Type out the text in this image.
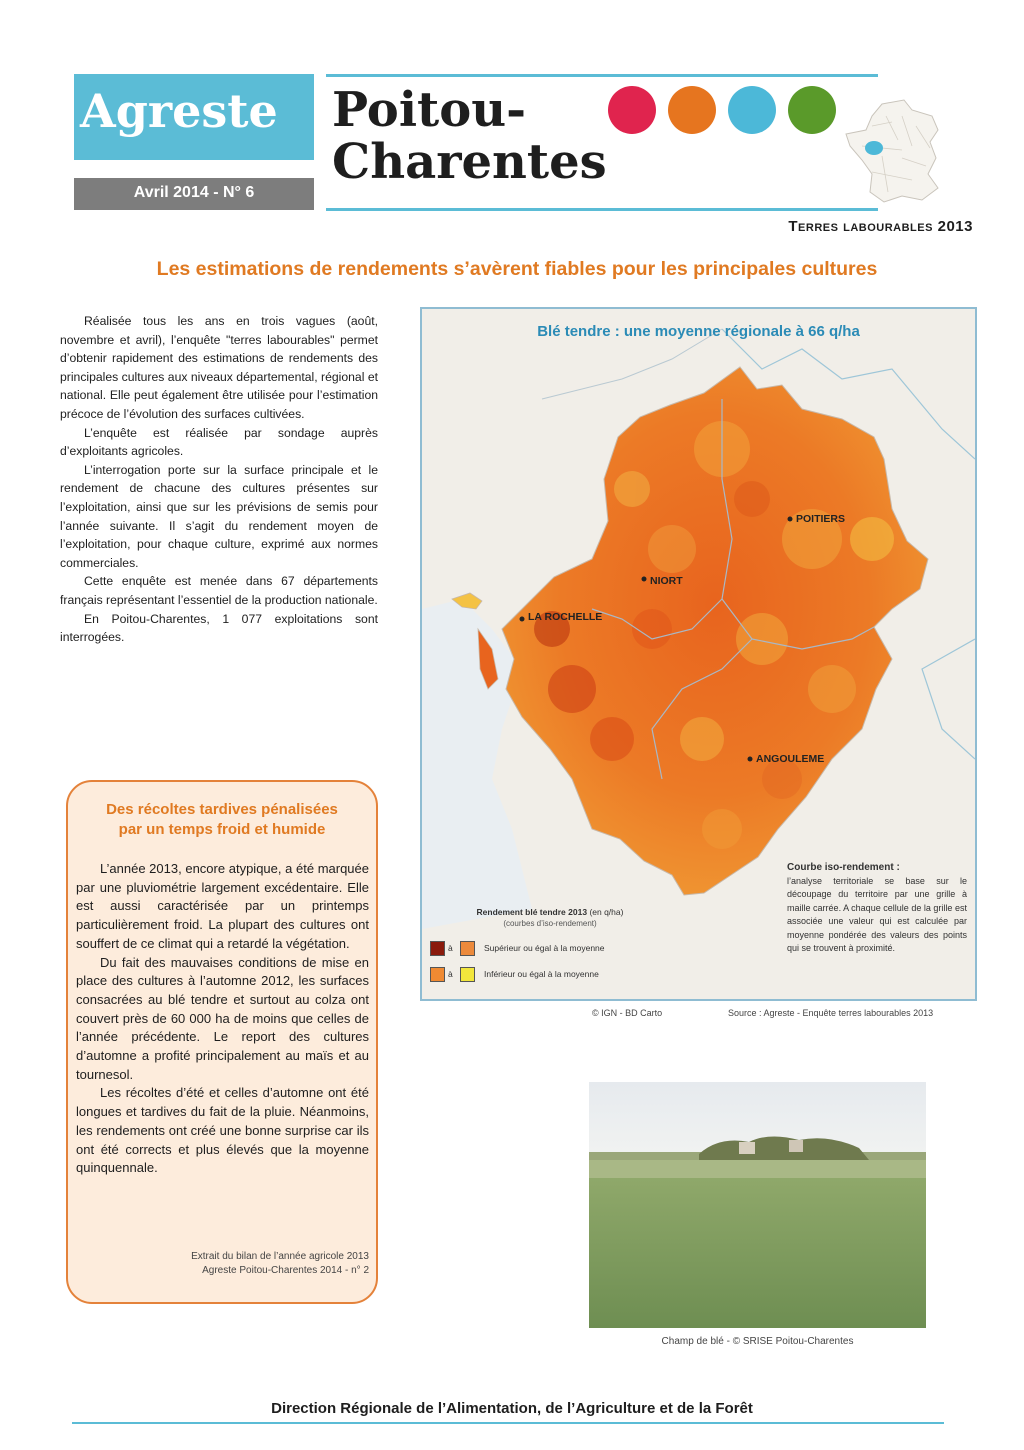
Agreste
Avril 2014 - N° 6
Poitou-
Charentes
Terres labourables 2013
Les estimations de rendements s’avèrent fiables pour les principales cultures

Réalisée tous les ans en trois vagues (août, novembre et avril), l’enquête "terres labourables" permet d’obtenir rapidement des estimations de rendements des principales cultures aux niveaux départemental, régional et national. Elle peut également être utilisée pour l’estimation précoce de l’évolution des surfaces cultivées.

L’enquête est réalisée par sondage auprès d’exploitants agricoles.

L’interrogation porte sur la surface principale et le rendement de chacune des cultures présentes sur l’exploitation, ainsi que sur les prévisions de semis pour l’année suivante. Il s’agit du rendement moyen de l’exploitation, pour chaque culture, exprimé aux normes commerciales.

Cette enquête est menée dans 67 départements français représentant l’essentiel de la production nationale.

En Poitou-Charentes, 1 077 exploitations sont interrogées.

Blé tendre : une moyenne régionale à 66 q/ha
POITIERS
NIORT
LA ROCHELLE
ANGOULEME
Rendement blé tendre 2013 (en q/ha)
(courbes d’iso-rendement)
à	Supérieur ou égal à la moyenne
à	Inférieur ou égal à la moyenne
Courbe iso-rendement :
l’analyse territoriale se base sur le découpage du territoire par une grille à maille carrée. A chaque cellule de la grille est associée une valeur qui est calculée par moyenne pondérée des valeurs des points qui se trouvent à proximité.
© IGN - BD Carto	Source : Agreste - Enquête terres labourables 2013
Des récoltes tardives pénalisées
par un temps froid et humide

L’année 2013, encore atypique, a été marquée par une pluviométrie largement excédentaire. Elle est aussi caractérisée par un printemps particulièrement froid. La plupart des cultures ont souffert de ce climat qui a retardé la végétation.

Du fait des mauvaises conditions de mise en place des cultures à l’automne 2012, les surfaces consacrées au blé tendre et surtout au colza ont couvert près de 60 000 ha de moins que celles de l’année précédente. Le report des cultures d’automne a profité principalement au maïs et au tournesol.

Les récoltes d’été et celles d’automne ont été longues et tardives du fait de la pluie. Néanmoins, les rendements ont créé une bonne surprise car ils ont été corrects et plus élevés que la moyenne quinquennale.

Extrait du bilan de l’année agricole 2013
Agreste Poitou-Charentes 2014 - n° 2
Champ de blé - © SRISE Poitou-Charentes
Direction Régionale de l’Alimentation, de l’Agriculture et de la Forêt
